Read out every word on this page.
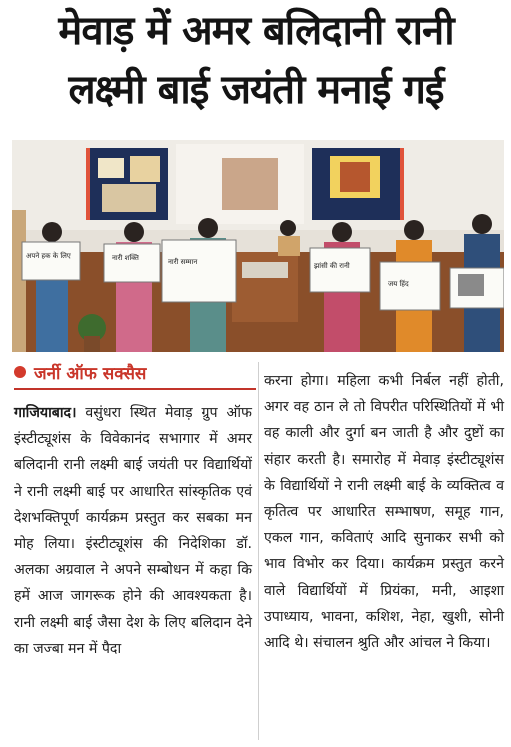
मेवाड़ में अमर बलिदानी रानी
लक्ष्मी बाई जयंती मनाई गई
अपने हक के लिए	नारी शक्ति	नारी सम्मान	झांसी की रानी
जय हिंद
जर्नी ऑफ सक्सैस

गाजियाबाद। वसुंधरा स्थित मेवाड़ ग्रुप ऑफ इंस्टीट्यूशंस के विवेकानंद सभागार में अमर बलिदानी रानी लक्ष्मी बाई जयंती पर विद्यार्थियों ने रानी लक्ष्मी बाई पर आधारित सांस्कृतिक एवं देशभक्तिपूर्ण कार्यक्रम प्रस्तुत कर सबका मन मोह लिया। इंस्टीट्यूशंस की निदेशिका डॉ. अलका अग्रवाल ने अपने सम्बोधन में कहा कि हमें आज जागरूक होने की आवश्यकता है। रानी लक्ष्मी बाई जैसा देश के लिए बलिदान देने का जज्बा मन में पैदा

करना होगा। महिला कभी निर्बल नहीं होती, अगर वह ठान ले तो विपरीत परिस्थितियों में भी वह काली और दुर्गा बन जाती है और दुष्टों का संहार करती है। समारोह में मेवाड़ इंस्टीट्यूशंस के विद्यार्थियों ने रानी लक्ष्मी बाई के व्यक्तित्व व कृतित्व पर आधारित सम्भाषण, समूह गान, एकल गान, कविताएं आदि सुनाकर सभी को भाव विभोर कर दिया। कार्यक्रम प्रस्तुत करने वाले विद्यार्थियों में प्रियंका, मनी, आइशा उपाध्याय, भावना, कशिश, नेहा, खुशी, सोनी आदि थे। संचालन श्रुति और आंचल ने किया।
